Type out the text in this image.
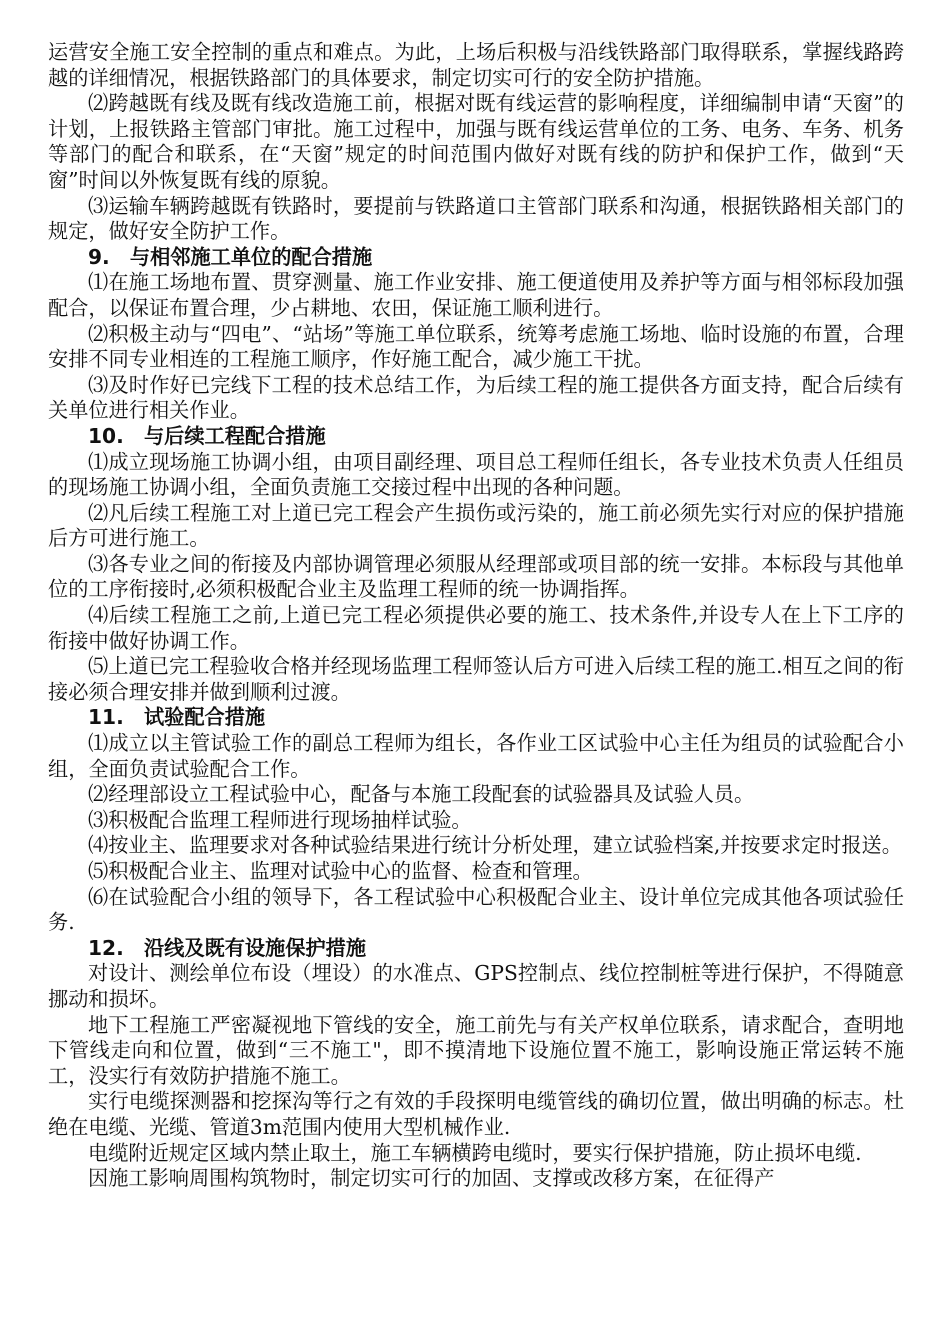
运营安全施工安全控制的重点和难点。为此，上场后积极与沿线铁路部门取得联系，掌握线路跨越的详细情况，根据铁路部门的具体要求，制定切实可行的安全防护措施。

⑵跨越既有线及既有线改造施工前，根据对既有线运营的影响程度，详细编制申请“天窗”的计划，上报铁路主管部门审批。施工过程中，加强与既有线运营单位的工务、电务、车务、机务等部门的配合和联系，在“天窗”规定的时间范围内做好对既有线的防护和保护工作，做到“天窗”时间以外恢复既有线的原貌。

⑶运输车辆跨越既有铁路时，要提前与铁路道口主管部门联系和沟通，根据铁路相关部门的规定，做好安全防护工作。

9.　与相邻施工单位的配合措施

⑴在施工场地布置、贯穿测量、施工作业安排、施工便道使用及养护等方面与相邻标段加强配合，以保证布置合理，少占耕地、农田，保证施工顺利进行。

⑵积极主动与“四电”、“站场”等施工单位联系，统筹考虑施工场地、临时设施的布置，合理安排不同专业相连的工程施工顺序，作好施工配合，减少施工干扰。

⑶及时作好已完线下工程的技术总结工作，为后续工程的施工提供各方面支持，配合后续有关单位进行相关作业。

10.　与后续工程配合措施

⑴成立现场施工协调小组，由项目副经理、项目总工程师任组长，各专业技术负责人任组员的现场施工协调小组，全面负责施工交接过程中出现的各种问题。

⑵凡后续工程施工对上道已完工程会产生损伤或污染的，施工前必须先实行对应的保护措施后方可进行施工。

⑶各专业之间的衔接及内部协调管理必须服从经理部或项目部的统一安排。本标段与其他单位的工序衔接时,必须积极配合业主及监理工程师的统一协调指挥。

⑷后续工程施工之前,上道已完工程必须提供必要的施工、技术条件,并设专人在上下工序的衔接中做好协调工作。

⑸上道已完工程验收合格并经现场监理工程师签认后方可进入后续工程的施工.相互之间的衔接必须合理安排并做到顺利过渡。

11.　试验配合措施

⑴成立以主管试验工作的副总工程师为组长，各作业工区试验中心主任为组员的试验配合小组，全面负责试验配合工作。

⑵经理部设立工程试验中心，配备与本施工段配套的试验器具及试验人员。

⑶积极配合监理工程师进行现场抽样试验。

⑷按业主、监理要求对各种试验结果进行统计分析处理，建立试验档案,并按要求定时报送。

⑸积极配合业主、监理对试验中心的监督、检查和管理。

⑹在试验配合小组的领导下，各工程试验中心积极配合业主、设计单位完成其他各项试验任务.

12.　沿线及既有设施保护措施

对设计、测绘单位布设（埋设）的水准点、GPS控制点、线位控制桩等进行保护，不得随意挪动和损坏。

地下工程施工严密凝视地下管线的安全，施工前先与有关产权单位联系，请求配合，查明地下管线走向和位置，做到“三不施工"，即不摸清地下设施位置不施工，影响设施正常运转不施工，没实行有效防护措施不施工。

实行电缆探测器和挖探沟等行之有效的手段探明电缆管线的确切位置，做出明确的标志。杜绝在电缆、光缆、管道3m范围内使用大型机械作业.

电缆附近规定区域内禁止取土，施工车辆横跨电缆时，要实行保护措施，防止损坏电缆.

因施工影响周围构筑物时，制定切实可行的加固、支撑或改移方案，在征得产
